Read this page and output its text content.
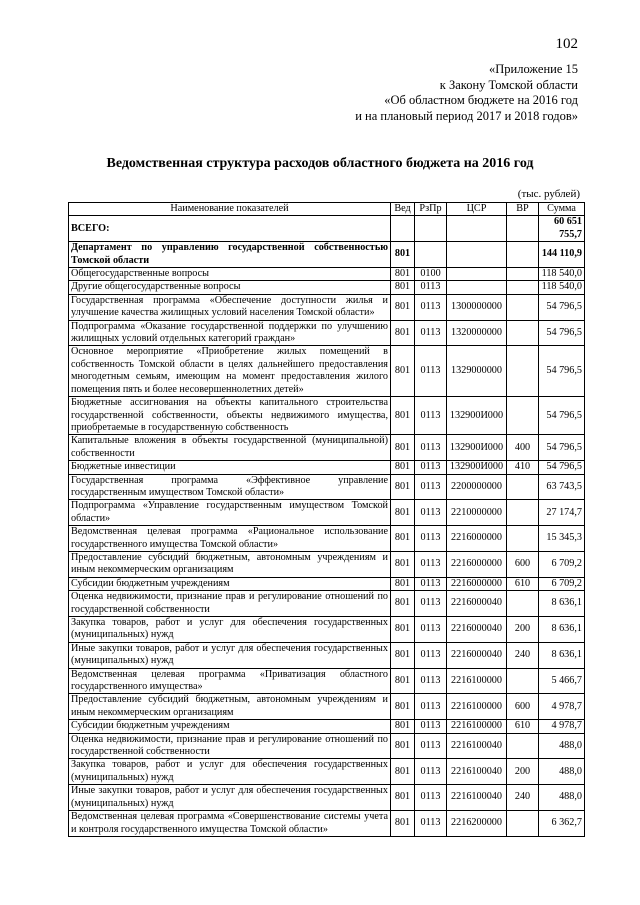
102
«Приложение 15
к Закону Томской области
«Об областном бюджете на 2016 год
и на плановый период 2017 и 2018 годов»
Ведомственная структура расходов областного бюджета на 2016 год
(тыс. рублей)
Наименование показателей	Вед	РзПр	ЦСР	ВР	Сумма
ВСЕГО:					60 651 755,7
Департамент по управлению государственной собственностью Томской области	801				144 110,9
Общегосударственные вопросы	801	0100			118 540,0
Другие общегосударственные вопросы	801	0113			118 540,0
Государственная программа «Обеспечение доступности жилья и улучшение качества жилищных условий населения Томской области»	801	0113	1300000000		54 796,5
Подпрограмма «Оказание государственной поддержки по улучшению жилищных условий отдельных категорий граждан»	801	0113	1320000000		54 796,5
Основное мероприятие «Приобретение жилых помещений в собственность Томской области в целях дальнейшего предоставления многодетным семьям, имеющим на момент предоставления жилого помещения пять и более несовершеннолетних детей»	801	0113	1329000000		54 796,5
Бюджетные ассигнования на объекты капитального строительства государственной собственности, объекты недвижимого имущества, приобретаемые в государственную собственность	801	0113	132900И000		54 796,5
Капитальные вложения в объекты государственной (муниципальной) собственности	801	0113	132900И000	400	54 796,5
Бюджетные инвестиции	801	0113	132900И000	410	54 796,5
Государственная программа «Эффективное управление государственным имуществом Томской области»	801	0113	2200000000		63 743,5
Подпрограмма «Управление государственным имуществом Томской области»	801	0113	2210000000		27 174,7
Ведомственная целевая программа «Рациональное использование государственного имущества Томской области»	801	0113	2216000000		15 345,3
Предоставление субсидий бюджетным, автономным учреждениям и иным некоммерческим организациям	801	0113	2216000000	600	6 709,2
Субсидии бюджетным учреждениям	801	0113	2216000000	610	6 709,2
Оценка недвижимости, признание прав и регулирование отношений по государственной собственности	801	0113	2216000040		8 636,1
Закупка товаров, работ и услуг для обеспечения государственных (муниципальных) нужд	801	0113	2216000040	200	8 636,1
Иные закупки товаров, работ и услуг для обеспечения государственных (муниципальных) нужд	801	0113	2216000040	240	8 636,1
Ведомственная целевая программа «Приватизация областного государственного имущества»	801	0113	2216100000		5 466,7
Предоставление субсидий бюджетным, автономным учреждениям и иным некоммерческим организациям	801	0113	2216100000	600	4 978,7
Субсидии бюджетным учреждениям	801	0113	2216100000	610	4 978,7
Оценка недвижимости, признание прав и регулирование отношений по государственной собственности	801	0113	2216100040		488,0
Закупка товаров, работ и услуг для обеспечения государственных (муниципальных) нужд	801	0113	2216100040	200	488,0
Иные закупки товаров, работ и услуг для обеспечения государственных (муниципальных) нужд	801	0113	2216100040	240	488,0
Ведомственная целевая программа «Совершенствование системы учета и контроля государственного имущества Томской области»	801	0113	2216200000		6 362,7
